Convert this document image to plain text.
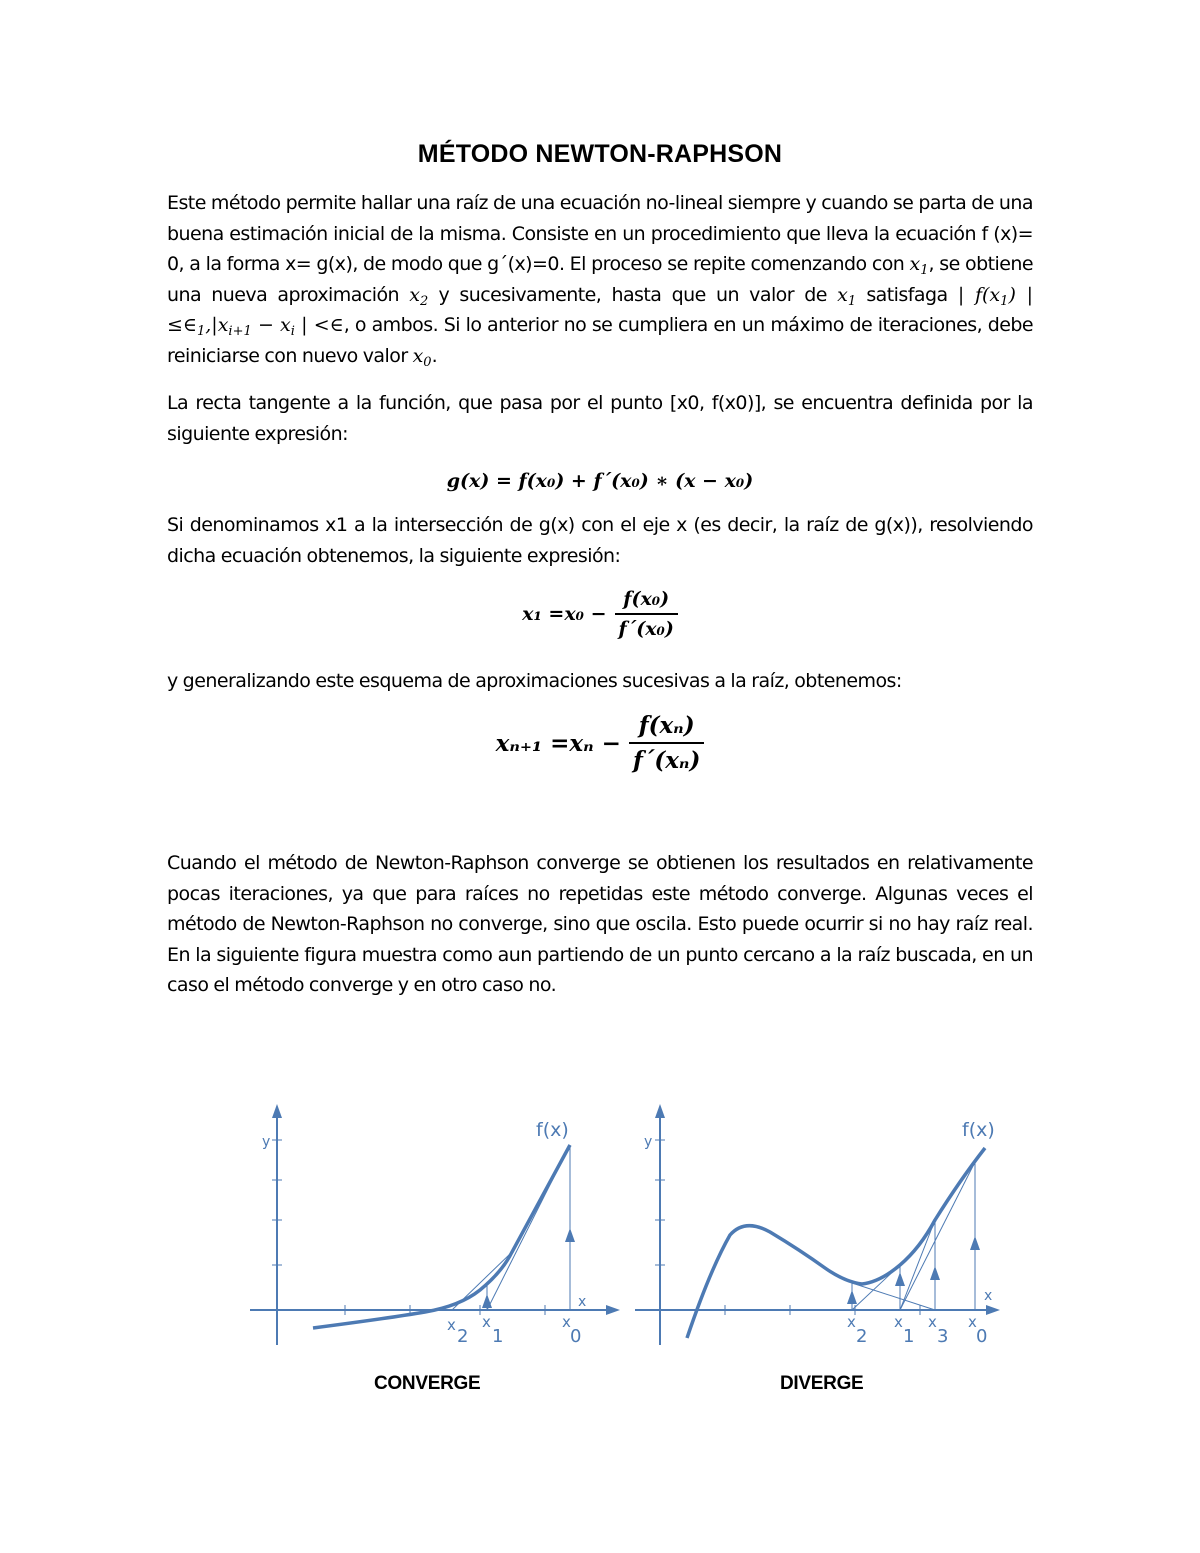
MÉTODO NEWTON-RAPHSON
Este método permite hallar una raíz de una ecuación no-lineal siempre y cuando se parta de una buena estimación inicial de la misma. Consiste en un procedimiento que lleva la ecuación f (x)= 0, a la forma x= g(x), de modo que g´(x)=0. El proceso se repite comenzando con $x_1$, se obtiene una nueva aproximación $x_2$ y sucesivamente, hasta que un valor de $x_1$ satisfaga | $f(x_1)$ | $\le\in_1,|x_{i+1} - x_i$ | <∈, o ambos. Si lo anterior no se cumpliera en un máximo de iteraciones, debe reiniciarse con nuevo valor $x_0$.
La recta tangente a la función, que pasa por el punto [x0, f(x0)], se encuentra definida por la siguiente expresión:
g(x) = f(x₀) + f´(x₀) ∗ (x − x₀)
Si denominamos x1 a la intersección de g(x) con el eje x (es decir, la raíz de g(x)), resolviendo dicha ecuación obtenemos, la siguiente expresión:
$x_1 = x_0 - \frac{\text{f(x₀)}}{\text{f´(x₀)}}$
y generalizando este esquema de aproximaciones sucesivas a la raíz, obtenemos:
$x_{n+1} = x_n - \frac{\text{f(xₙ)}}{\text{f´(xₙ)}}$
Cuando el método de Newton-Raphson converge se obtienen los resultados en relativamente pocas iteraciones, ya que para raíces no repetidas este método converge. Algunas veces el método de Newton-Raphson no converge, sino que oscila. Esto puede ocurrir si no hay raíz real. En la siguiente figura muestra como aun partiendo de un punto cercano a la raíz buscada, en un caso el método converge y en otro caso no.
y
x
f(x)
x
2
x
1
x
0
y
x
f(x)
x
2
x
1
x
3
x
0
CONVERGE	DIVERGE
